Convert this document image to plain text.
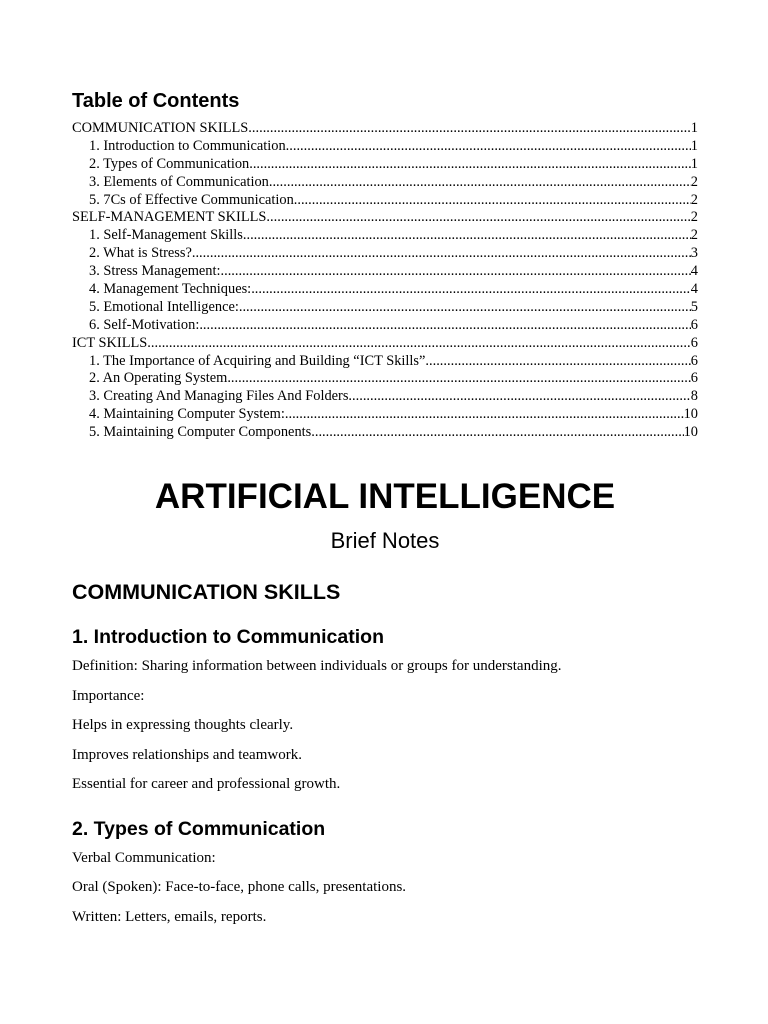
Table of Contents
COMMUNICATION SKILLS .....	1
1. Introduction to Communication .....	1
2. Types of Communication .....	1
3. Elements of Communication .....	2
5. 7Cs of Effective Communication .....	2
SELF-MANAGEMENT SKILLS .....	2
1. Self-Management Skills .....	2
2. What is Stress? .....	3
3. Stress Management: .....	4
4. Management Techniques: .....	4
5. Emotional Intelligence: .....	5
6. Self-Motivation: .....	6
ICT SKILLS .....	6
1. The Importance of Acquiring and Building “ICT Skills” .....	6
2. An Operating System .....	6
3. Creating And Managing Files And Folders .....	8
4. Maintaining Computer System: .....	10
5. Maintaining Computer Components .....	10
ARTIFICIAL INTELLIGENCE

Brief Notes

COMMUNICATION SKILLS
1. Introduction to Communication

Definition: Sharing information between individuals or groups for understanding.

Importance:

Helps in expressing thoughts clearly.

Improves relationships and teamwork.

Essential for career and professional growth.

2. Types of Communication

Verbal Communication:

Oral (Spoken): Face-to-face, phone calls, presentations.

Written: Letters, emails, reports.
